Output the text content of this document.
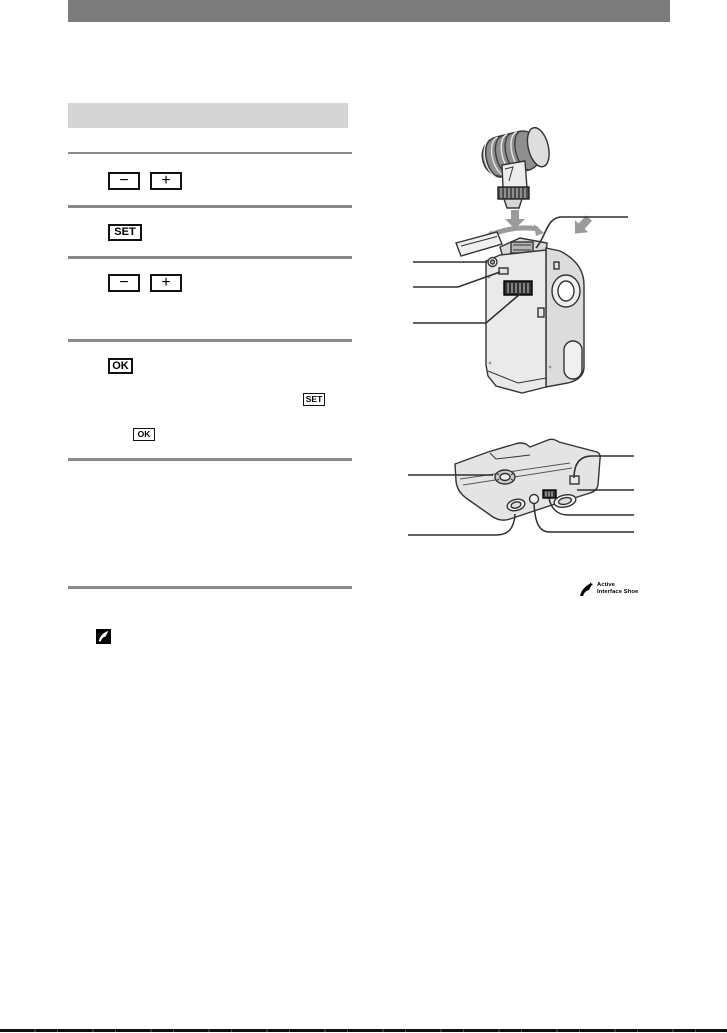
−	+
SET
−	+
OK
SET
OK
Active
Interface Shoe
